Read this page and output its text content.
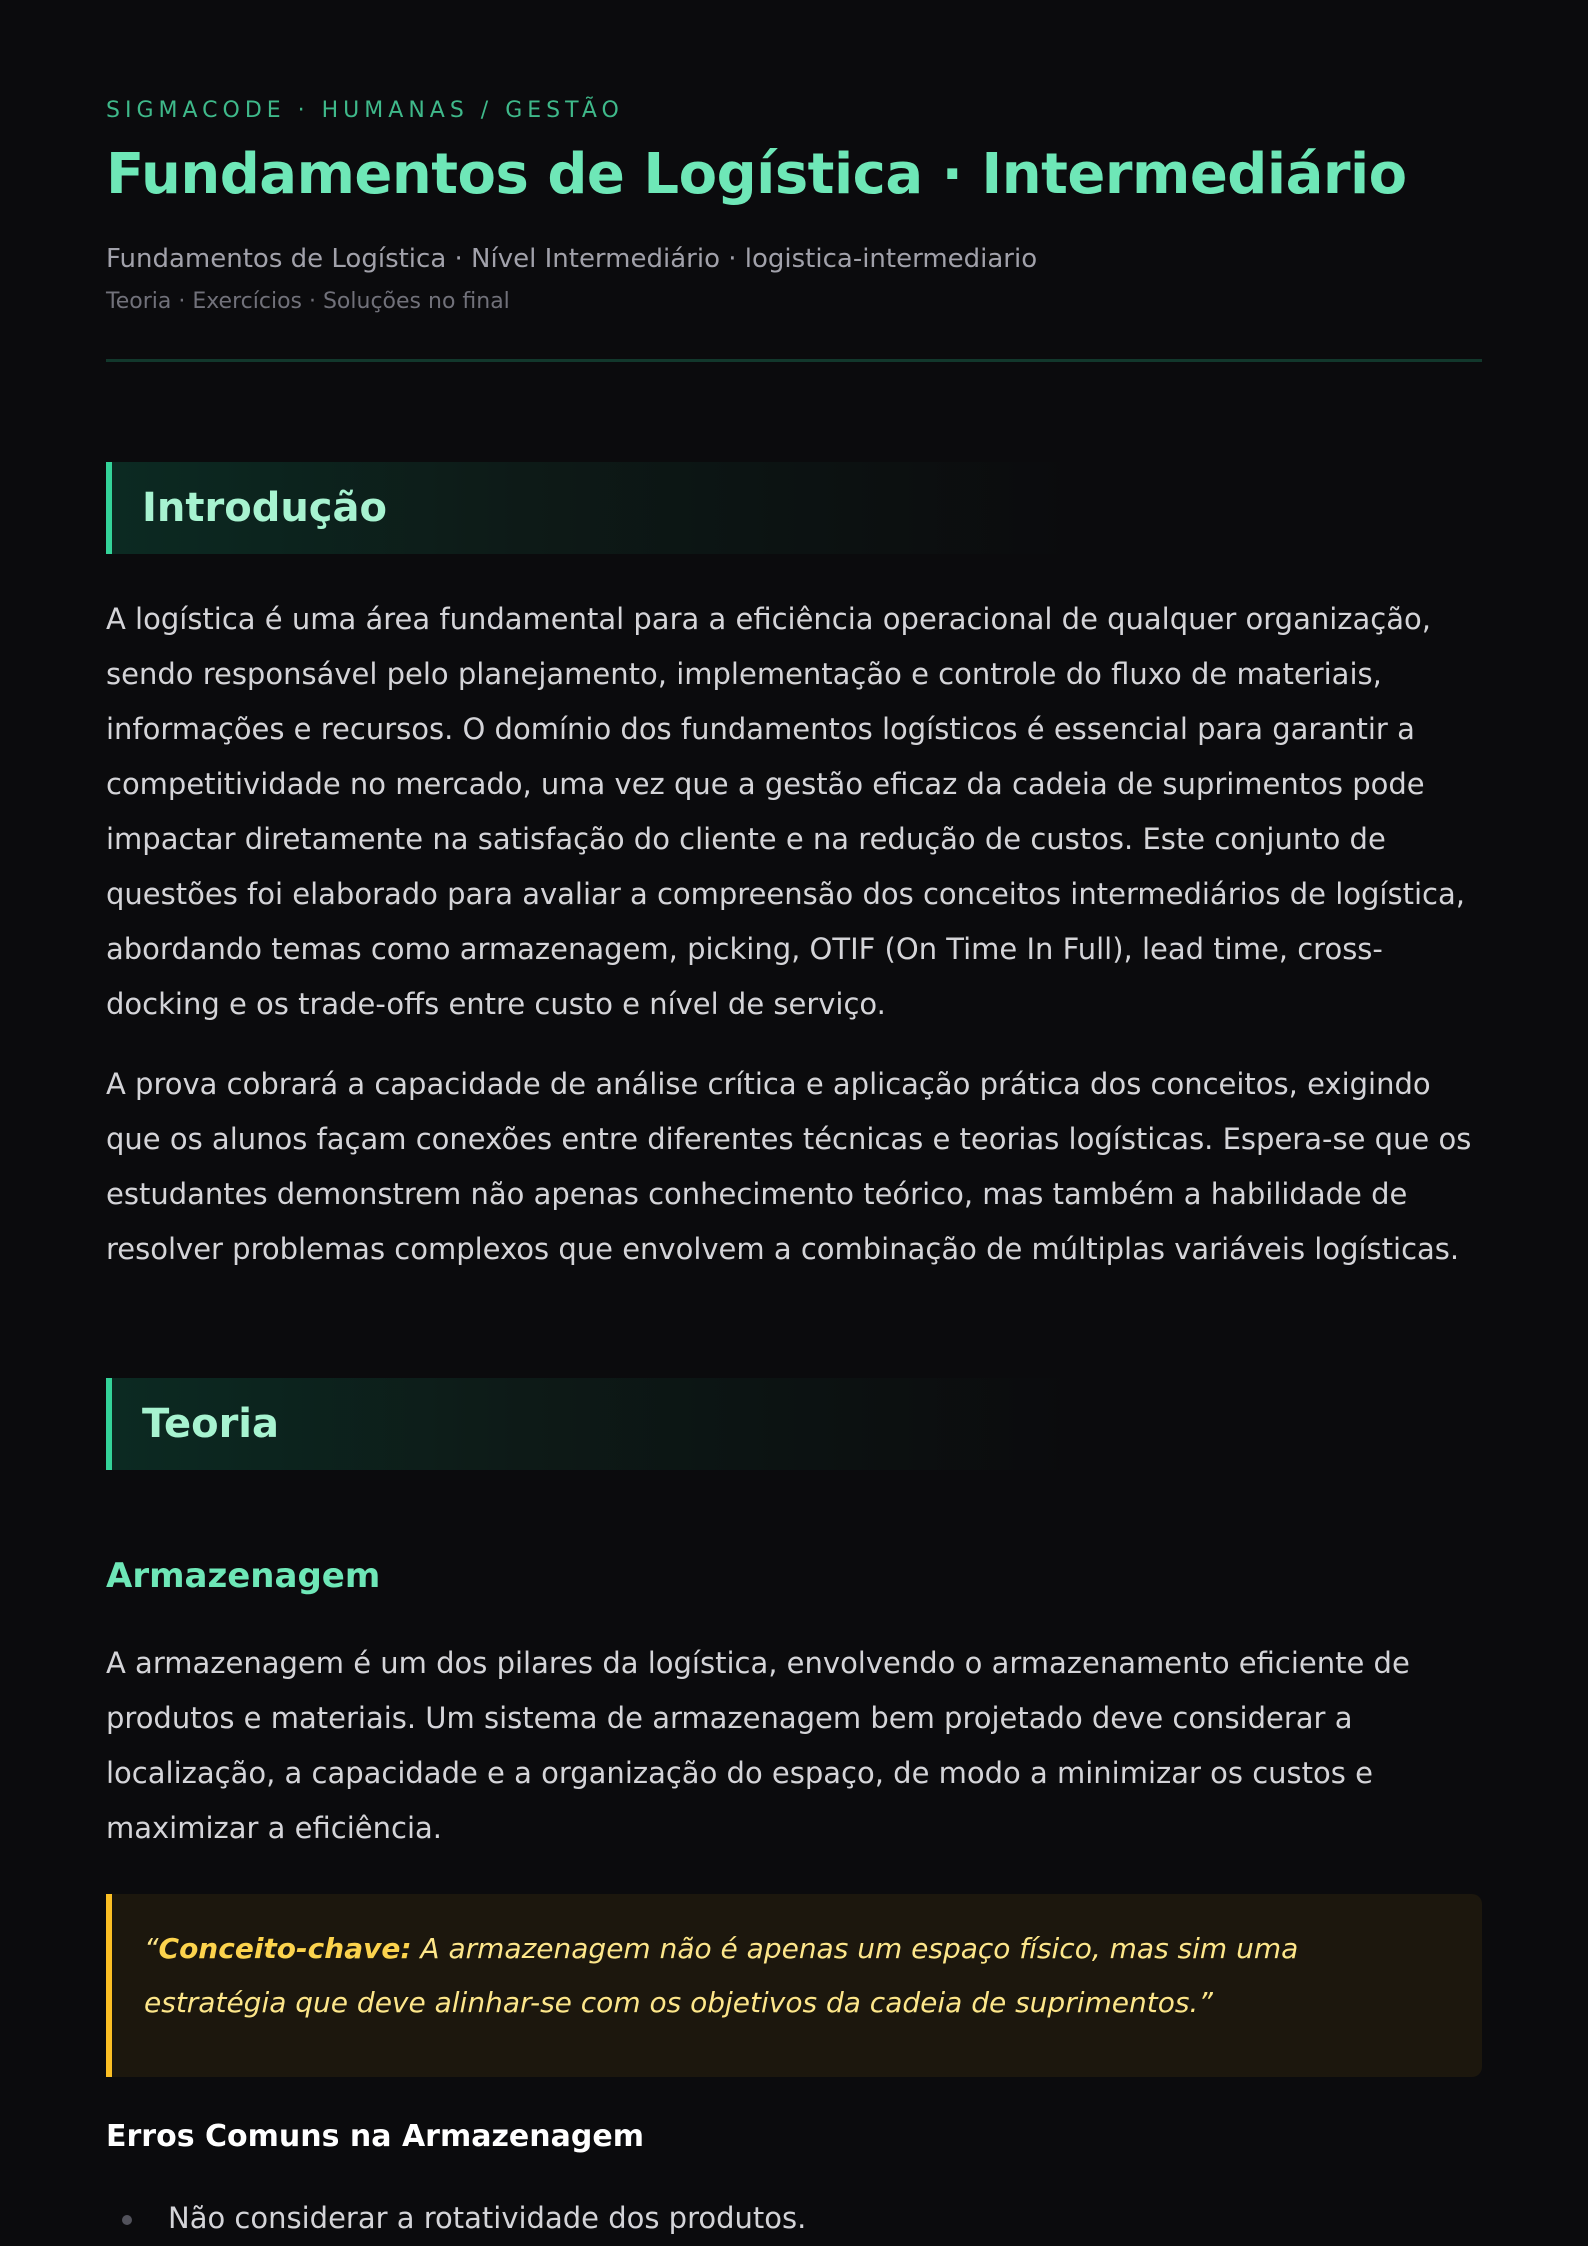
SIGMACODE · HUMANAS / GESTÃO
Fundamentos de Logística · Intermediário
Fundamentos de Logística · Nível Intermediário · logistica-intermediario
Teoria · Exercícios · Soluções no final
Introdução

A logística é uma área fundamental para a eficiência operacional de qualquer organização, sendo responsável pelo planejamento, implementação e controle do fluxo de materiais, informações e recursos. O domínio dos fundamentos logísticos é essencial para garantir a competitividade no mercado, uma vez que a gestão eficaz da cadeia de suprimentos pode impactar diretamente na satisfação do cliente e na redução de custos. Este conjunto de questões foi elaborado para avaliar a compreensão dos conceitos intermediários de logística, abordando temas como armazenagem, picking, OTIF (On Time In Full), lead time, cross-docking e os trade-offs entre custo e nível de serviço.

A prova cobrará a capacidade de análise crítica e aplicação prática dos conceitos, exigindo que os alunos façam conexões entre diferentes técnicas e teorias logísticas. Espera-se que os estudantes demonstrem não apenas conhecimento teórico, mas também a habilidade de resolver problemas complexos que envolvem a combinação de múltiplas variáveis logísticas.

Teoria
Armazenagem

A armazenagem é um dos pilares da logística, envolvendo o armazenamento eficiente de produtos e materiais. Um sistema de armazenagem bem projetado deve considerar a localização, a capacidade e a organização do espaço, de modo a minimizar os custos e maximizar a eficiência.

“Conceito-chave: A armazenagem não é apenas um espaço físico, mas sim uma estratégia que deve alinhar-se com os objetivos da cadeia de suprimentos.”

Erros Comuns na Armazenagem
Não considerar a rotatividade dos produtos.
